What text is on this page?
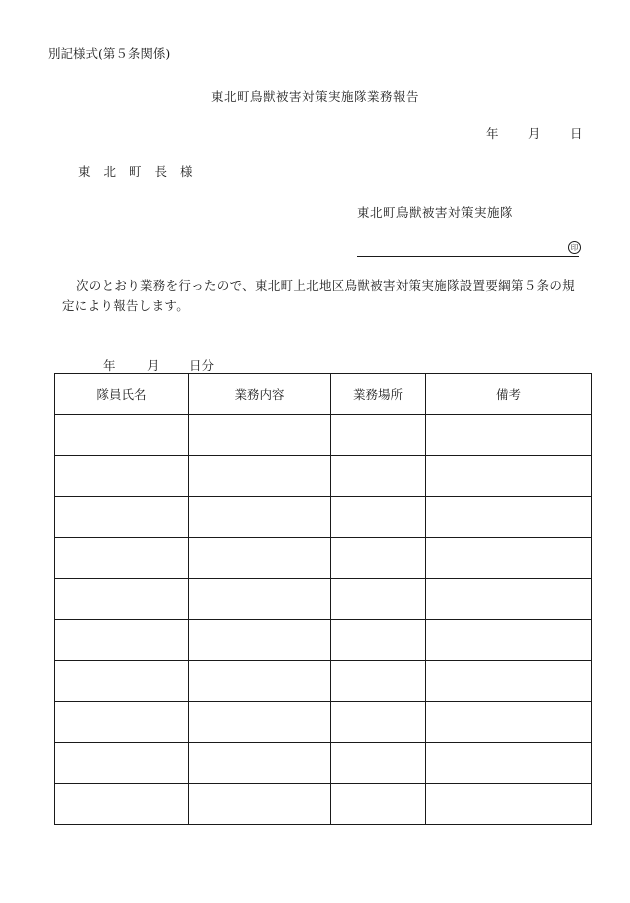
別記様式(第５条関係)
東北町鳥獣被害対策実施隊業務報告
年 月 日
東北町長様
東北町鳥獣被害対策実施隊
印
次のとおり業務を行ったので、東北町上北地区鳥獣被害対策実施隊設置要綱第５条の規定により報告します。
年	月 日分
隊員氏名	業務内容	業務場所	備考
